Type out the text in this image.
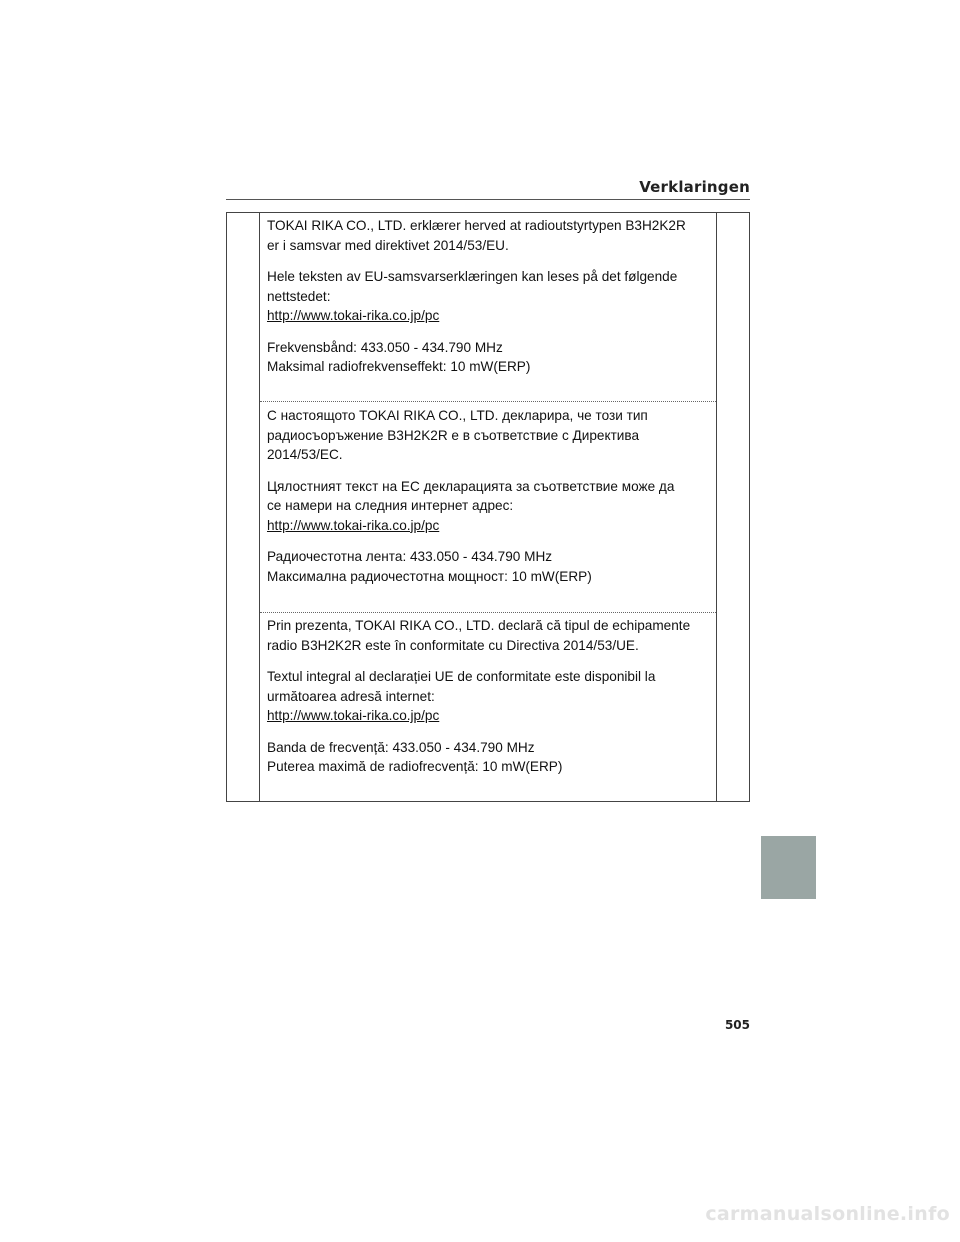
Verklaringen

TOKAI RIKA CO., LTD. erklærer herved at radioutstyrtypen B3H2K2R
er i samsvar med direktivet 2014/53/EU.

Hele teksten av EU-samsvarserklæringen kan leses på det følgende
nettstedet:

http://www.tokai-rika.co.jp/pc

Frekvensbånd: 433.050 - 434.790 MHz
Maksimal radiofrekvenseffekt: 10 mW(ERP)

С настоящото TOKAI RIKA CO., LTD. декларира, че този тип
радиосъоръжение B3H2K2R е в съответствие с Директива
2014/53/ЕС.

Цялостният текст на ЕС декларацията за съответствие може да
се намери на следния интернет адрес:

http://www.tokai-rika.co.jp/pc

Радиочестотна лента: 433.050 - 434.790 MHz
Максимална радиочестотна мощност: 10 mW(ERP)

Prin prezenta, TOKAI RIKA CO., LTD. declară că tipul de echipamente
radio B3H2K2R este în conformitate cu Directiva 2014/53/UE.

Textul integral al declarației UE de conformitate este disponibil la
următoarea adresă internet:

http://www.tokai-rika.co.jp/pc

Banda de frecvență: 433.050 - 434.790 MHz
Puterea maximă de radiofrecvență: 10 mW(ERP)

505
carmanualsonline.info
